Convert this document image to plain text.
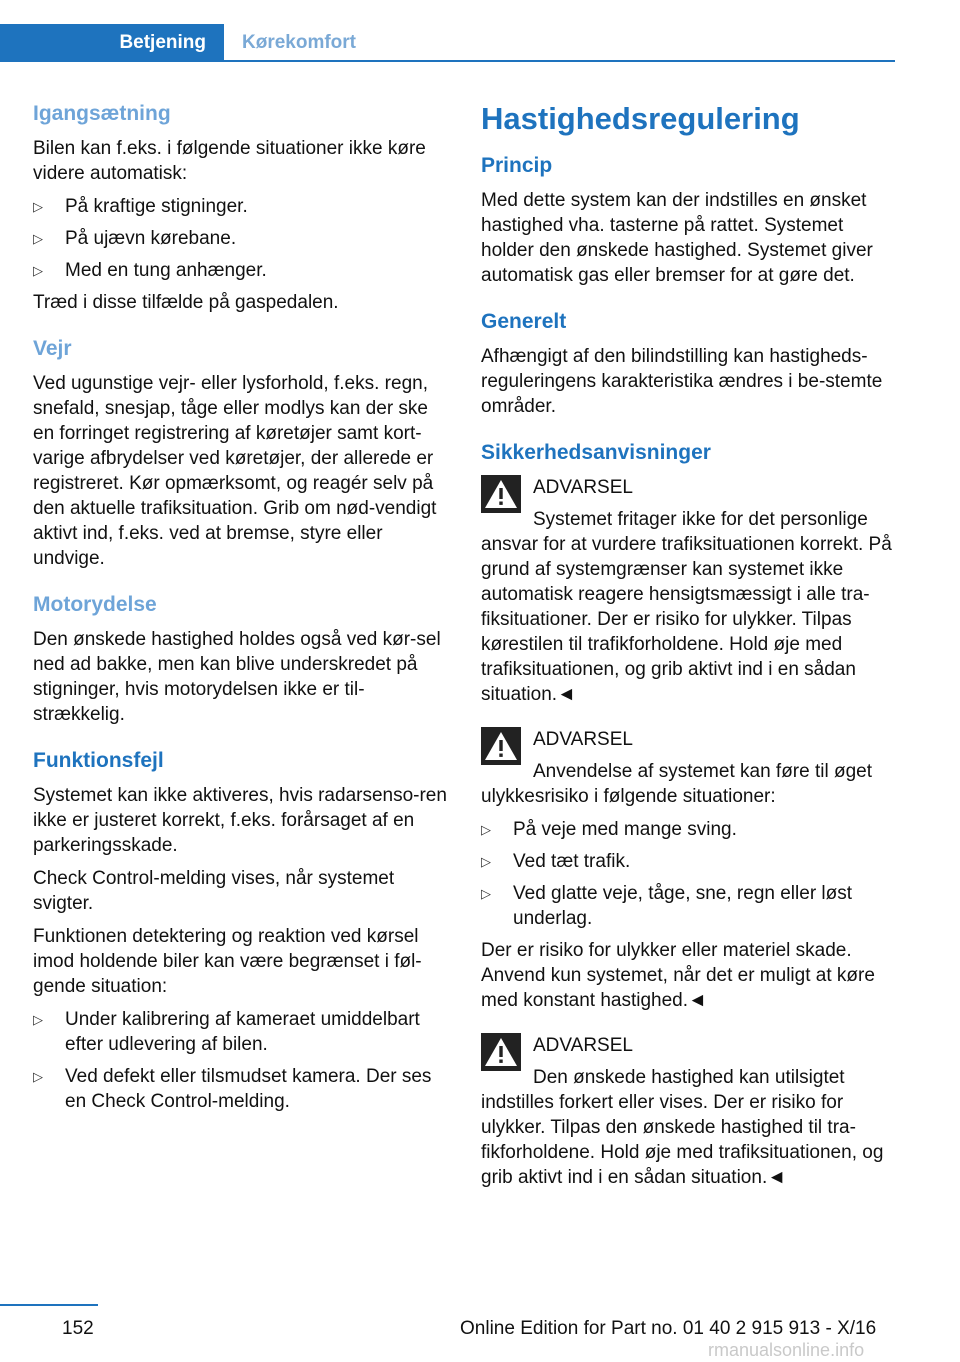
Betjening	Kørekomfort
Igangsætning
Bilen kan f.eks. i følgende situationer ikke køre videre automatisk:
▷	På kraftige stigninger.
▷	På ujævn kørebane.
▷	Med en tung anhænger.
Træd i disse tilfælde på gaspedalen.
Vejr
Ved ugunstige vejr- eller lysforhold, f.eks. regn, snefald, snesjap, tåge eller modlys kan der ske en forringet registrering af køretøjer samt kort-varige afbrydelser ved køretøjer, der allerede er registreret. Kør opmærksomt, og reagér selv på den aktuelle trafiksituation. Grib om nød-vendigt aktivt ind, f.eks. ved at bremse, styre eller undvige.
Motorydelse
Den ønskede hastighed holdes også ved kør-sel ned ad bakke, men kan blive underskredet på stigninger, hvis motorydelsen ikke er til-strækkelig.
Funktionsfejl
Systemet kan ikke aktiveres, hvis radarsenso-ren ikke er justeret korrekt, f.eks. forårsaget af en parkeringsskade.
Check Control-melding vises, når systemet svigter.
Funktionen detektering og reaktion ved kørsel imod holdende biler kan være begrænset i føl-gende situation:
▷	Under kalibrering af kameraet umiddelbart efter udlevering af bilen.
▷	Ved defekt eller tilsmudset kamera. Der ses en Check Control-melding.
Hastighedsregulering
Princip
Med dette system kan der indstilles en ønsket hastighed vha. tasterne på rattet. Systemet holder den ønskede hastighed. Systemet giver automatisk gas eller bremser for at gøre det.
Generelt
Afhængigt af den bilindstilling kan hastigheds-reguleringens karakteristika ændres i be-stemte områder.
Sikkerhedsanvisninger
ADVARSEL
Systemet fritager ikke for det personlige ansvar for at vurdere trafiksituationen korrekt. På grund af systemgrænser kan systemet ikke automatisk reagere hensigtsmæssigt i alle tra-fiksituationer. Der er risiko for ulykker. Tilpas kørestilen til trafikforholdene. Hold øje med trafiksituationen, og grib aktivt ind i en sådan situation.◄
ADVARSEL
Anvendelse af systemet kan føre til øget ulykkesrisiko i følgende situationer:
▷	På veje med mange sving.
▷	Ved tæt trafik.
▷	Ved glatte veje, tåge, sne, regn eller løst underlag.
Der er risiko for ulykker eller materiel skade. Anvend kun systemet, når det er muligt at køre med konstant hastighed.◄
ADVARSEL
Den ønskede hastighed kan utilsigtet indstilles forkert eller vises. Der er risiko for ulykker. Tilpas den ønskede hastighed til tra-fikforholdene. Hold øje med trafiksituationen, og grib aktivt ind i en sådan situation.◄
152	Online Edition for Part no. 01 40 2 915 913 - X/16
rmanualsonline.info
